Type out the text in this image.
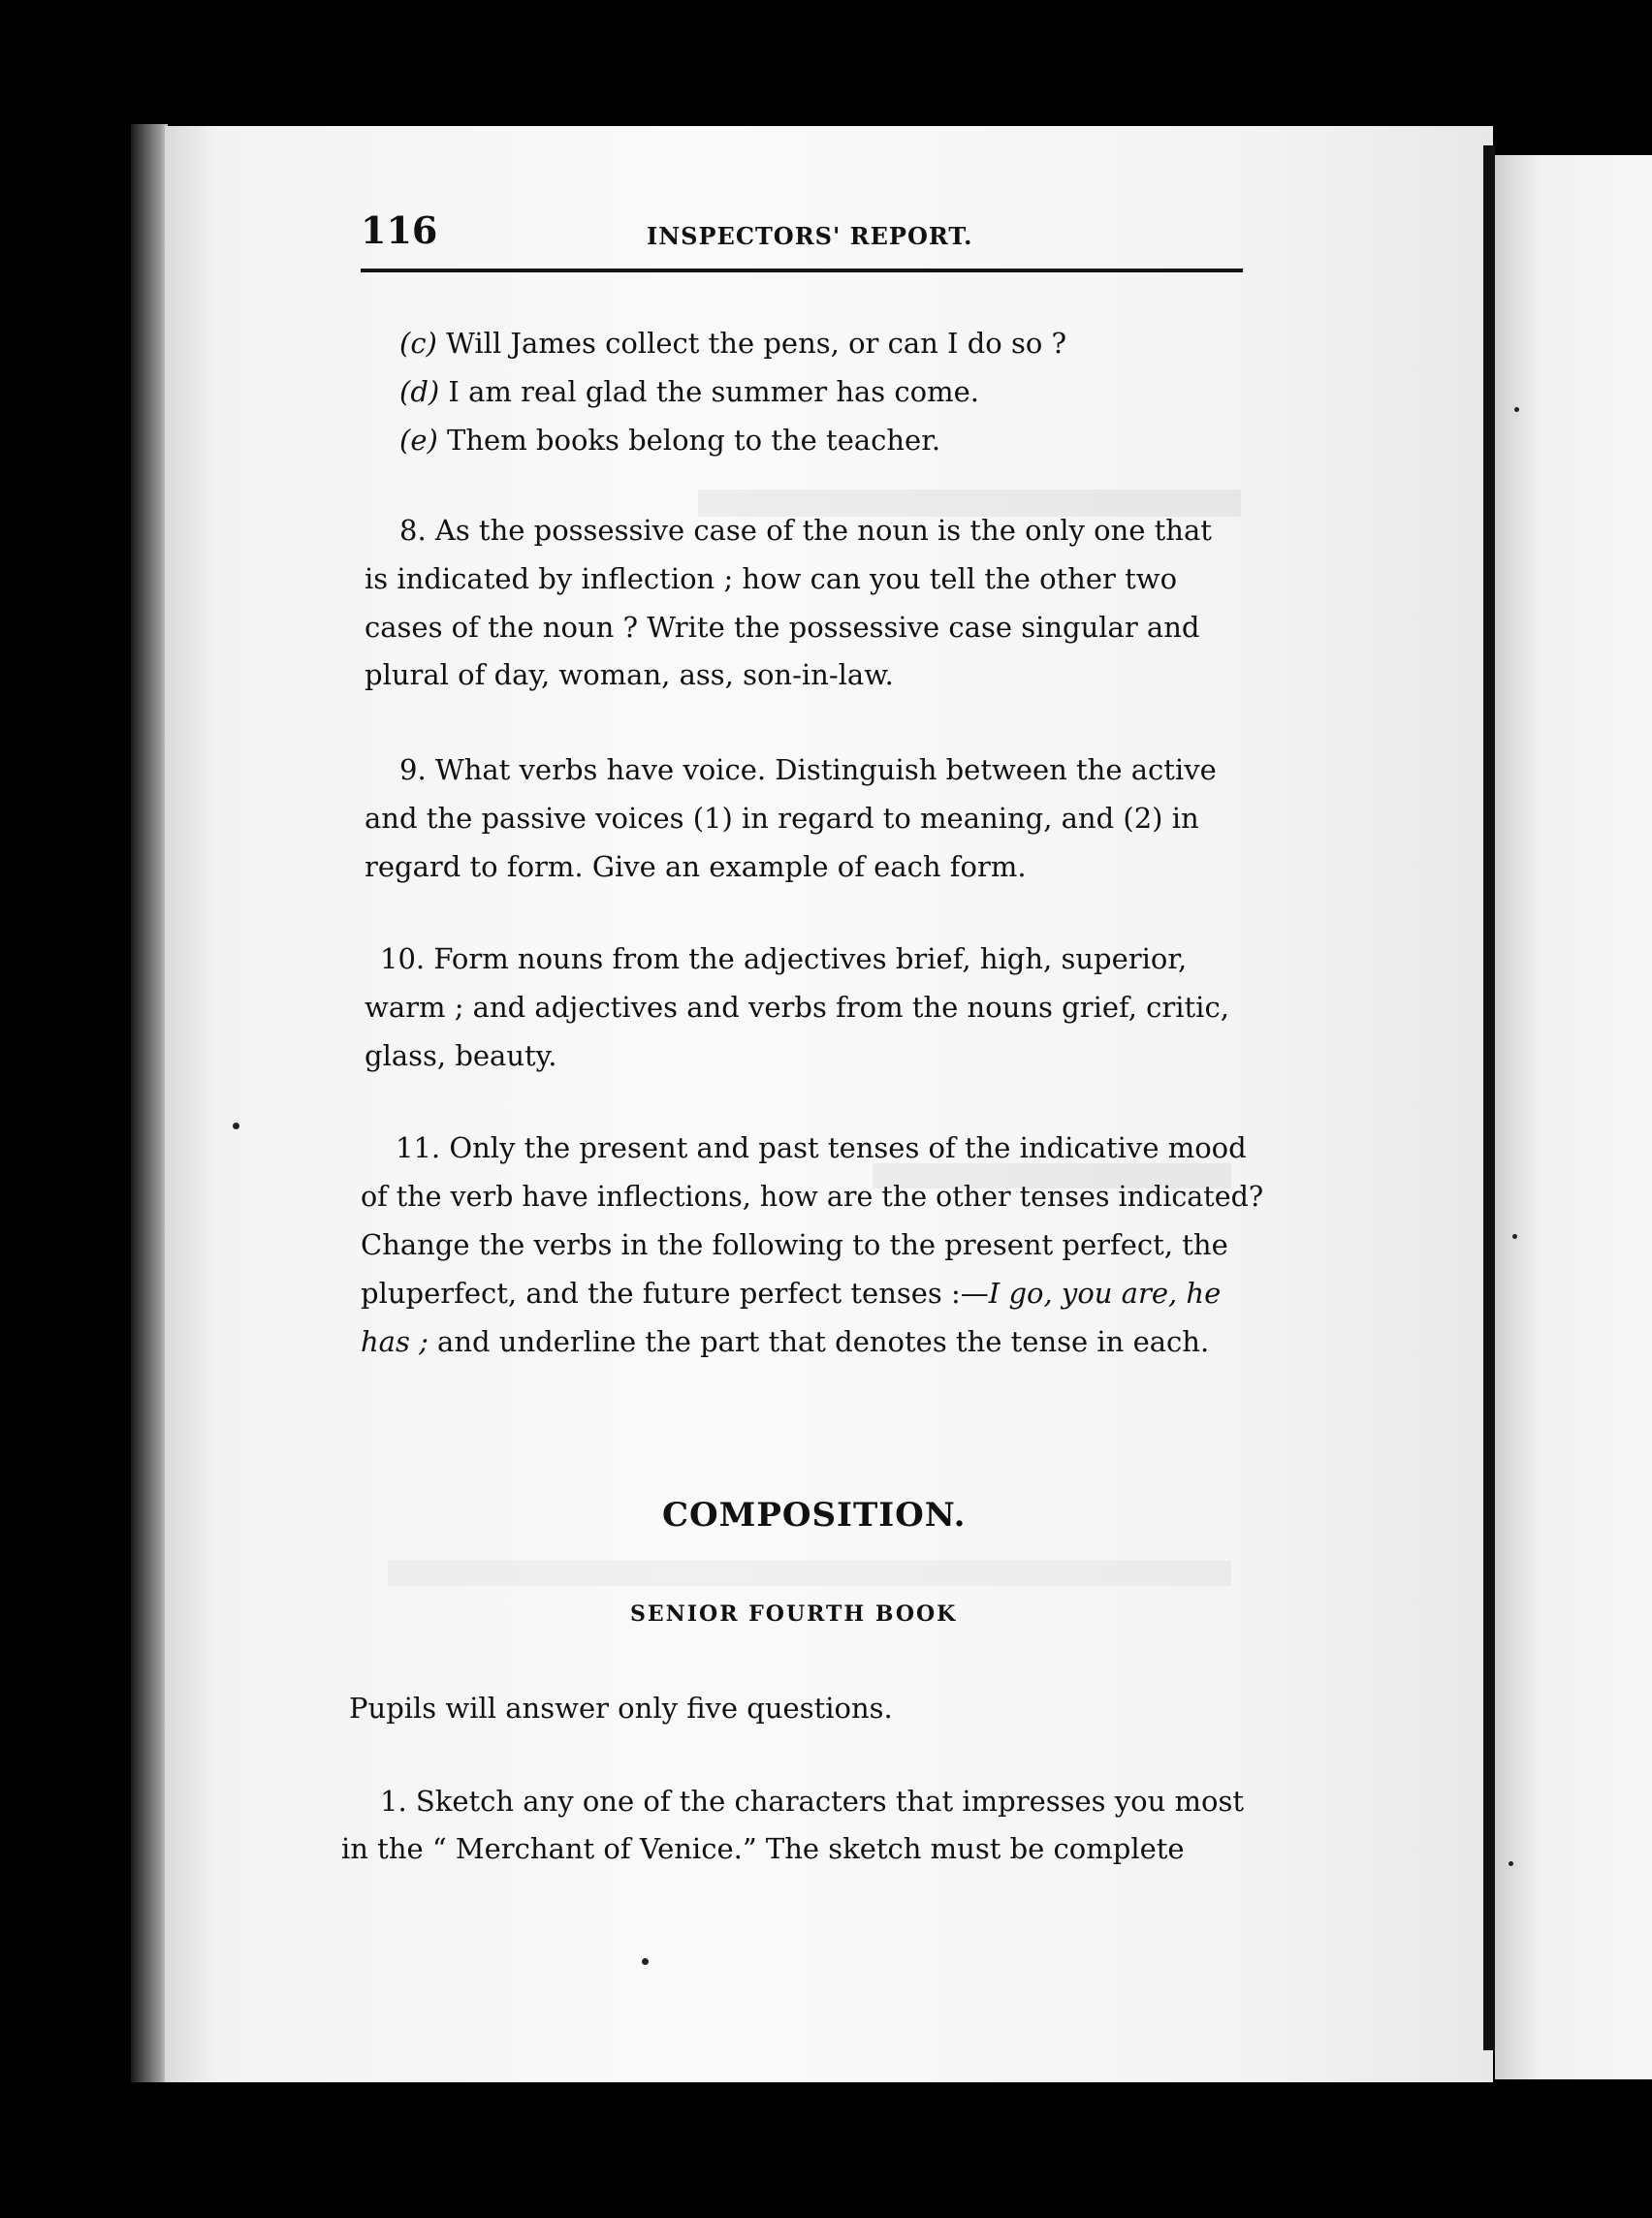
116	INSPECTORS' REPORT.
(c) Will James collect the pens, or can I do so ?
(d) I am real glad the summer has come.
(e) Them books belong to the teacher.
8. As the possessive case of the noun is the only one that
is indicated by inflection ; how can you tell the other two
cases of the noun ? Write the possessive case singular and
plural of day, woman, ass, son-in-law.
9. What verbs have voice. Distinguish between the active
and the passive voices (1) in regard to meaning, and (2) in
regard to form. Give an example of each form.
10. Form nouns from the adjectives brief, high, superior,
warm ; and adjectives and verbs from the nouns grief, critic,
glass, beauty.
11. Only the present and past tenses of the indicative mood
of the verb have inflections, how are the other tenses indicated?
Change the verbs in the following to the present perfect, the
pluperfect, and the future perfect tenses :—I go, you are, he
has ; and underline the part that denotes the tense in each.
COMPOSITION.
SENIOR FOURTH BOOK
Pupils will answer only five questions.
1. Sketch any one of the characters that impresses you most
in the “ Merchant of Venice.” The sketch must be complete
